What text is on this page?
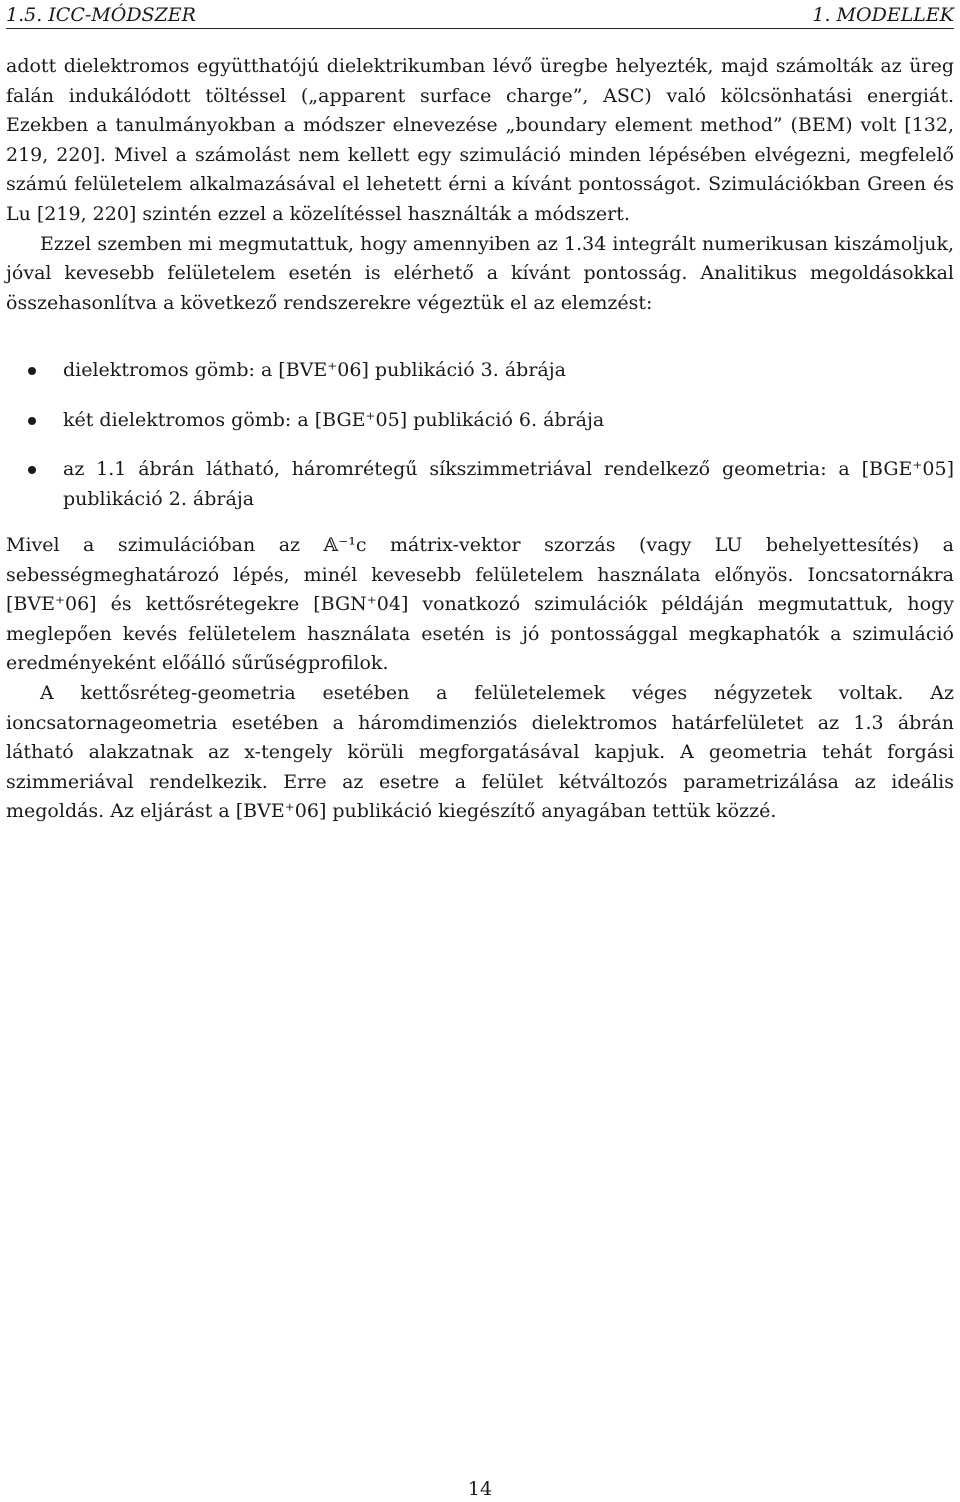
1.5. ICC-MÓDSZER	1. MODELLEK

adott dielektromos együtthatójú dielektrikumban lévő üregbe helyezték, majd számolták az üreg falán indukálódott töltéssel („apparent surface charge”, ASC) való kölcsönhatási energiát. Ezekben a tanulmányokban a módszer elnevezése „boundary element method” (BEM) volt [132, 219, 220]. Mivel a számolást nem kellett egy szimuláció minden lépésében elvégezni, megfelelő számú felületelem alkalmazásával el lehetett érni a kívánt pontosságot. Szimulációkban Green és Lu [219, 220] szintén ezzel a közelítéssel használták a módszert.

Ezzel szemben mi megmutattuk, hogy amennyiben az 1.34 integrált numerikusan kiszámoljuk, jóval kevesebb felületelem esetén is elérhető a kívánt pontosság. Analitikus megoldásokkal összehasonlítva a következő rendszerekre végeztük el az elemzést:

dielektromos gömb: a [BVE⁺06] publikáció 3. ábrája
két dielektromos gömb: a [BGE⁺05] publikáció 6. ábrája
az 1.1 ábrán látható, háromrétegű síkszimmetriával rendelkező geometria: a [BGE⁺05] publikáció 2. ábrája

Mivel a szimulációban az 𝔸⁻¹c mátrix-vektor szorzás (vagy LU behelyettesítés) a sebességmeghatározó lépés, minél kevesebb felületelem használata előnyös. Ioncsatornákra [BVE⁺06] és kettősrétegekre [BGN⁺04] vonatkozó szimulációk példáján megmutattuk, hogy meglepően kevés felületelem használata esetén is jó pontossággal megkaphatók a szimuláció eredményeként előálló sűrűségprofilok.

A kettősréteg-geometria esetében a felületelemek véges négyzetek voltak. Az ioncsatornageometria esetében a háromdimenziós dielektromos határfelületet az 1.3 ábrán látható alakzatnak az x-tengely körüli megforgatásával kapjuk. A geometria tehát forgási szimmeriával rendelkezik. Erre az esetre a felület kétváltozós parametrizálása az ideális megoldás. Az eljárást a [BVE⁺06] publikáció kiegészítő anyagában tettük közzé.

14
